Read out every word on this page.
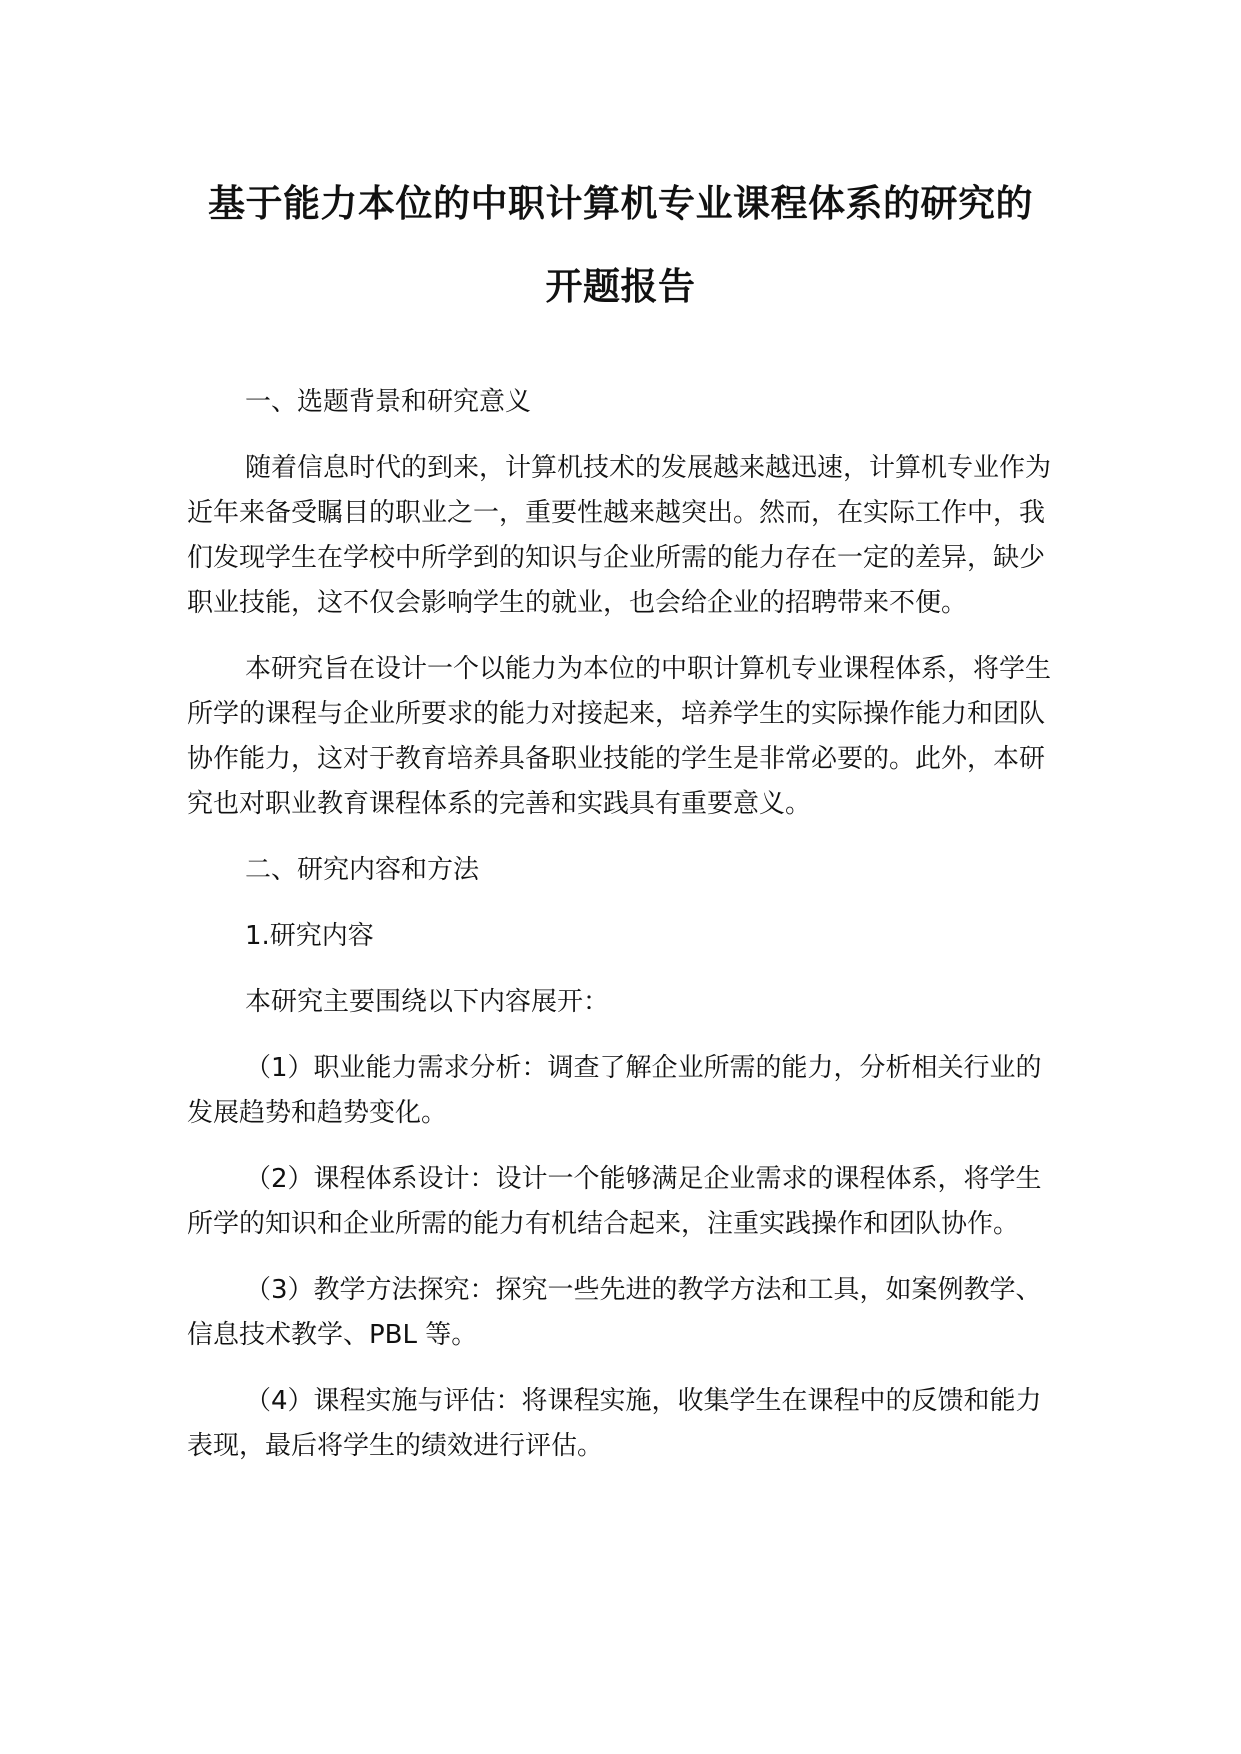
基于能力本位的中职计算机专业课程体系的研究的
开题报告

一、选题背景和研究意义

随着信息时代的到来，计算机技术的发展越来越迅速，计算机专业作为近年来备受瞩目的职业之一，重要性越来越突出。然而，在实际工作中，我们发现学生在学校中所学到的知识与企业所需的能力存在一定的差异，缺少职业技能，这不仅会影响学生的就业，也会给企业的招聘带来不便。

本研究旨在设计一个以能力为本位的中职计算机专业课程体系，将学生所学的课程与企业所要求的能力对接起来，培养学生的实际操作能力和团队协作能力，这对于教育培养具备职业技能的学生是非常必要的。此外，本研究也对职业教育课程体系的完善和实践具有重要意义。

二、研究内容和方法

1.研究内容

本研究主要围绕以下内容展开：

（1）职业能力需求分析：调查了解企业所需的能力，分析相关行业的发展趋势和趋势变化。

（2）课程体系设计：设计一个能够满足企业需求的课程体系，将学生所学的知识和企业所需的能力有机结合起来，注重实践操作和团队协作。

（3）教学方法探究：探究一些先进的教学方法和工具，如案例教学、信息技术教学、PBL 等。

（4）课程实施与评估：将课程实施，收集学生在课程中的反馈和能力表现，最后将学生的绩效进行评估。
